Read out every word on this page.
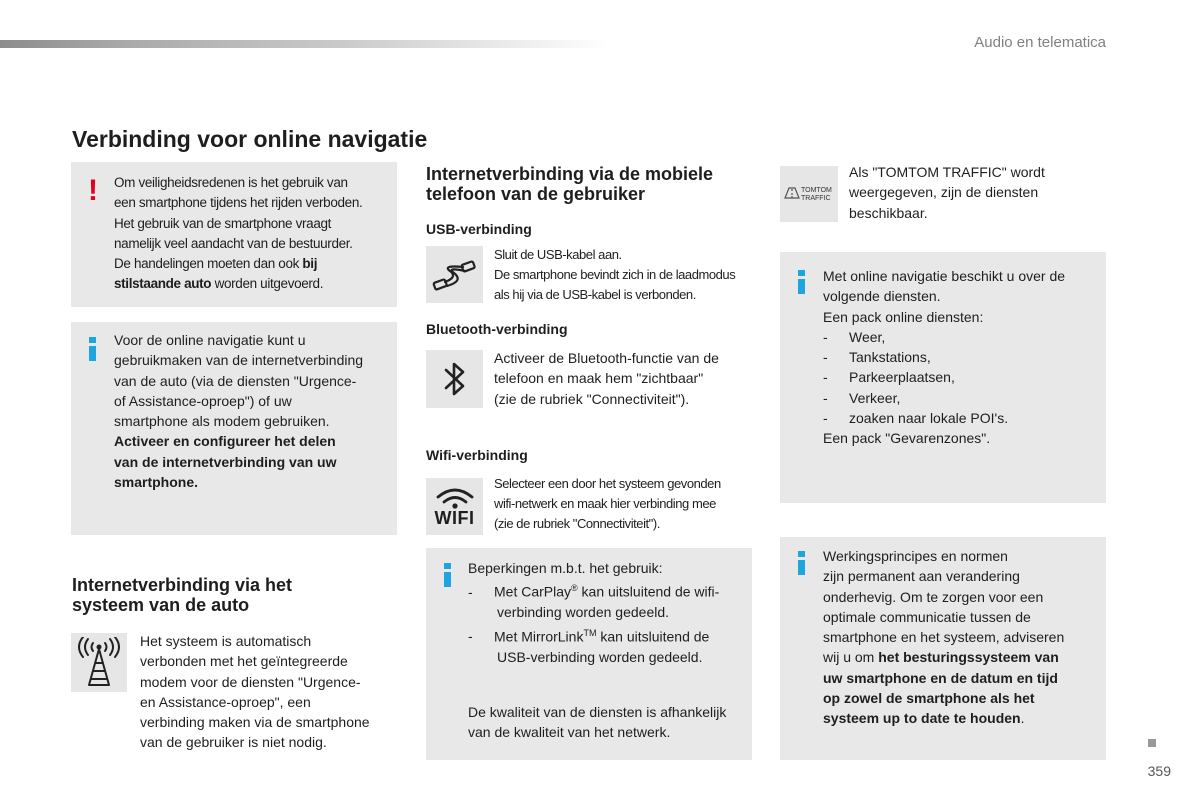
Audio en telematica
Verbinding voor online navigatie
! Om veiligheidsredenen is het gebruik van
een smartphone tijdens het rijden verboden.
Het gebruik van de smartphone vraagt
namelijk veel aandacht van de bestuurder.
De handelingen moeten dan ook bij
stilstaande auto worden uitgevoerd.
Voor de online navigatie kunt u
gebruikmaken van de internetverbinding
van de auto (via de diensten "Urgence-
of Assistance-oproep") of uw
smartphone als modem gebruiken.
Activeer en configureer het delen
van de internetverbinding van uw
smartphone.
Internetverbinding via het
systeem van de auto
Het systeem is automatisch
verbonden met het geïntegreerde
modem voor de diensten "Urgence-
en Assistance-oproep", een
verbinding maken via de smartphone
van de gebruiker is niet nodig.
Internetverbinding via de mobiele
telefoon van de gebruiker
USB-verbinding
Sluit de USB-kabel aan.
De smartphone bevindt zich in de laadmodus
als hij via de USB-kabel is verbonden.
Bluetooth-verbinding
Activeer de Bluetooth-functie van de
telefoon en maak hem "zichtbaar"
(zie de rubriek "Connectiviteit").
Wifi-verbinding
WIFI
Selecteer een door het systeem gevonden
wifi-netwerk en maak hier verbinding mee
(zie de rubriek "Connectiviteit").
Beperkingen m.b.t. het gebruik:
- Met CarPlay® kan uitsluitend de wifi-
verbinding worden gedeeld.
- Met MirrorLink™ kan uitsluitend de
USB-verbinding worden gedeeld.
De kwaliteit van de diensten is afhankelijk
van de kwaliteit van het netwerk.
TOMTOM
TRAFFIC
Als "TOMTOM TRAFFIC" wordt
weergegeven, zijn de diensten
beschikbaar.
Met online navigatie beschikt u over de
volgende diensten.
Een pack online diensten:
- Weer,
- Tankstations,
- Parkeerplaatsen,
- Verkeer,
- zoaken naar lokale POI's.
Een pack "Gevarenzones".
Werkingsprincipes en normen
zijn permanent aan verandering
onderhevig. Om te zorgen voor een
optimale communicatie tussen de
smartphone en het systeem, adviseren
wij u om het besturingssysteem van
uw smartphone en de datum en tijd
op zowel de smartphone als het
systeem up to date te houden.
359
